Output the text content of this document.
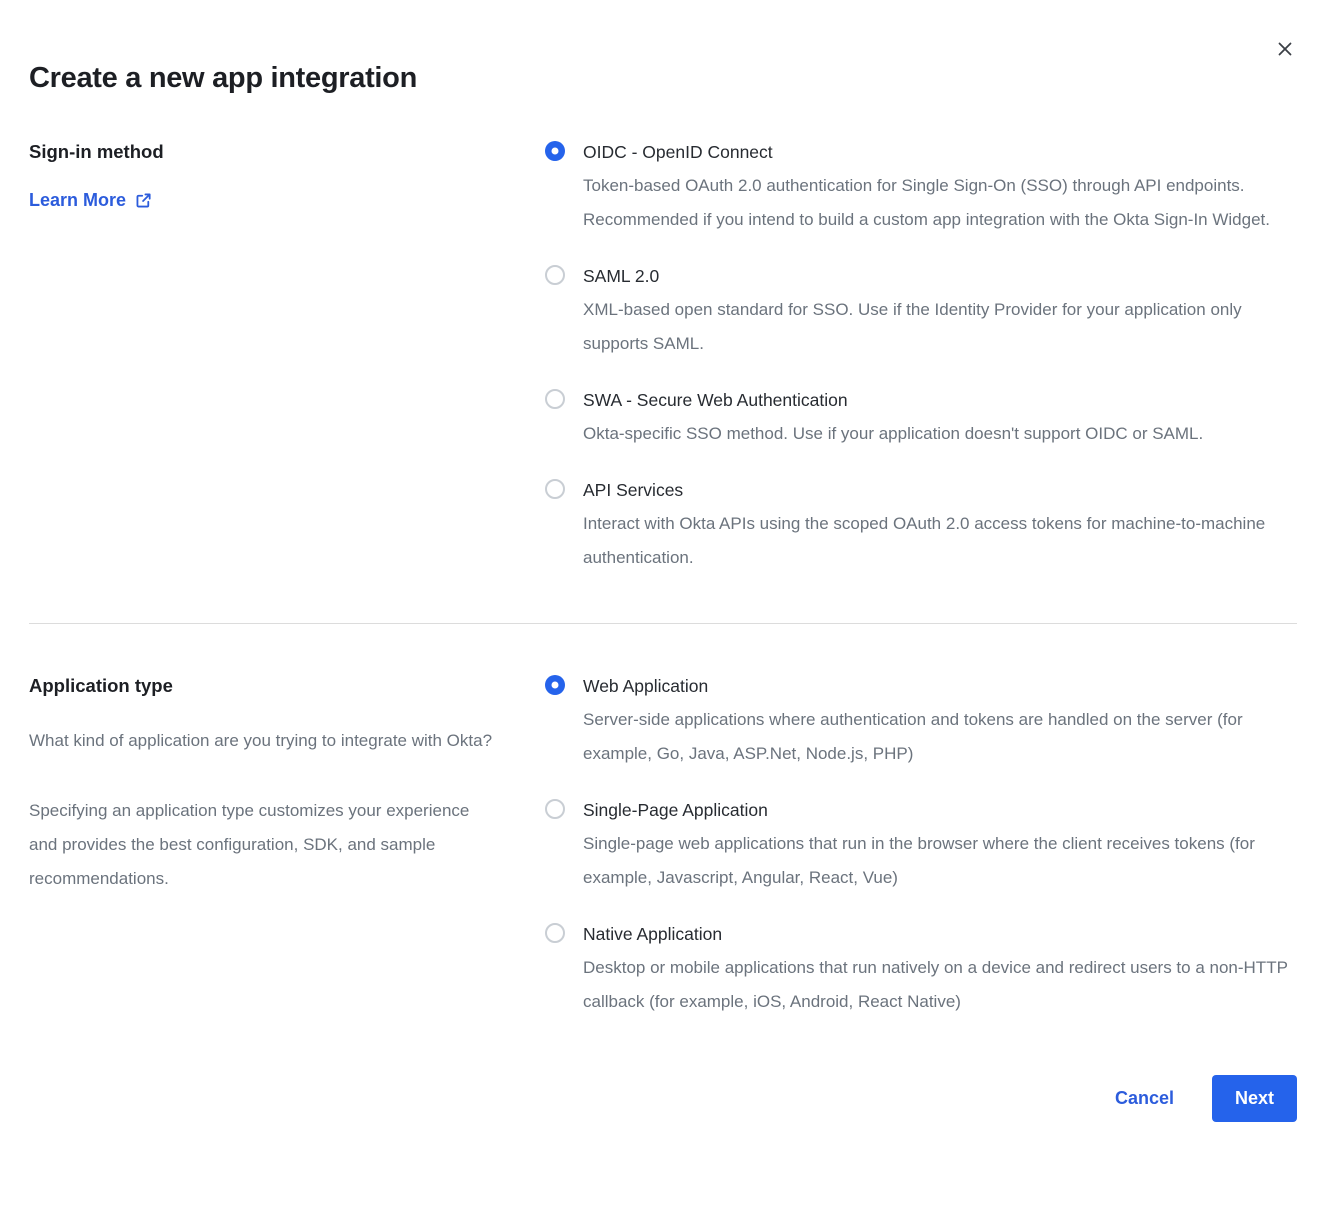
Create a new app integration
Sign-in method
Learn More
OIDC - OpenID Connect
Token-based OAuth 2.0 authentication for Single Sign-On (SSO) through API endpoints. Recommended if you intend to build a custom app integration with the Okta Sign-In Widget.
SAML 2.0
XML-based open standard for SSO. Use if the Identity Provider for your application only supports SAML.
SWA - Secure Web Authentication
Okta-specific SSO method. Use if your application doesn't support OIDC or SAML.
API Services
Interact with Okta APIs using the scoped OAuth 2.0 access tokens for machine-to-machine authentication.
Application type

What kind of application are you trying to integrate with Okta?

Specifying an application type customizes your experience and provides the best configuration, SDK, and sample recommendations.

Web Application
Server-side applications where authentication and tokens are handled on the server (for example, Go, Java, ASP.Net, Node.js, PHP)
Single-Page Application
Single-page web applications that run in the browser where the client receives tokens (for example, Javascript, Angular, React, Vue)
Native Application
Desktop or mobile applications that run natively on a device and redirect users to a non-HTTP callback (for example, iOS, Android, React Native)
Cancel	Next
